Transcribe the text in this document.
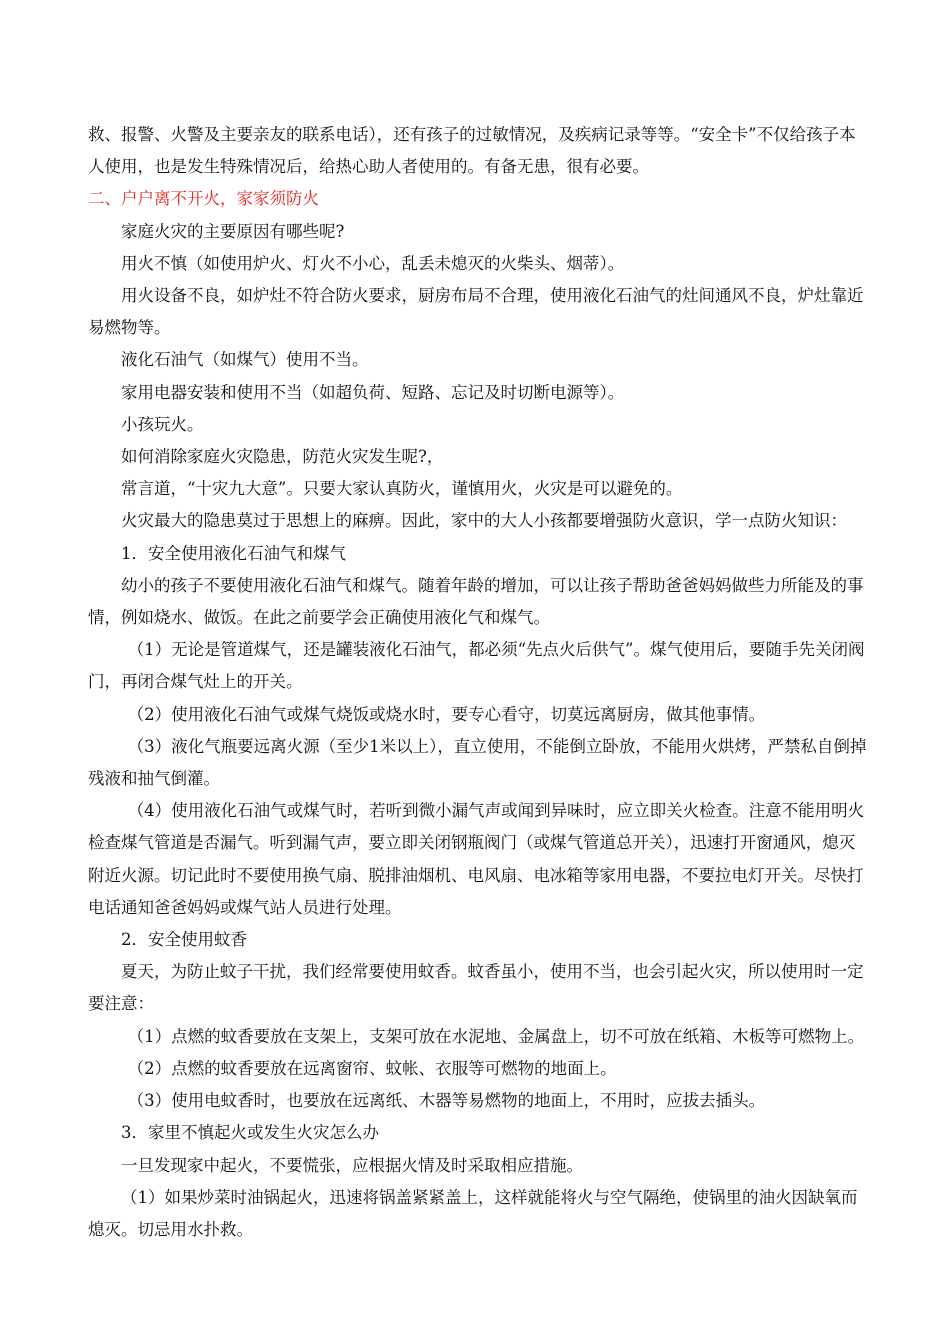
救、报警、火警及主要亲友的联系电话），还有孩子的过敏情况，及疾病记录等等。“安全卡”不仅给孩子本人使用，也是发生特殊情况后，给热心助人者使用的。有备无患，很有必要。

二、户户离不开火，家家须防火

家庭火灾的主要原因有哪些呢?

用火不慎（如使用炉火、灯火不小心，乱丢未熄灭的火柴头、烟蒂）。

用火设备不良，如炉灶不符合防火要求，厨房布局不合理，使用液化石油气的灶间通风不良，炉灶靠近易燃物等。

液化石油气（如煤气）使用不当。

家用电器安装和使用不当（如超负荷、短路、忘记及时切断电源等）。

小孩玩火。

如何消除家庭火灾隐患，防范火灾发生呢?，

常言道，“十灾九大意”。只要大家认真防火，谨慎用火，火灾是可以避免的。

火灾最大的隐患莫过于思想上的麻痹。因此，家中的大人小孩都要增强防火意识，学一点防火知识：

1．安全使用液化石油气和煤气

幼小的孩子不要使用液化石油气和煤气。随着年龄的增加，可以让孩子帮助爸爸妈妈做些力所能及的事情，例如烧水、做饭。在此之前要学会正确使用液化气和煤气。

（1）无论是管道煤气，还是罐装液化石油气，都必须“先点火后供气”。煤气使用后，要随手先关闭阀门，再闭合煤气灶上的开关。

（2）使用液化石油气或煤气烧饭或烧水时，要专心看守，切莫远离厨房，做其他事情。

（3）液化气瓶要远离火源（至少1米以上），直立使用，不能倒立卧放，不能用火烘烤，严禁私自倒掉残液和抽气倒灌。

（4）使用液化石油气或煤气时，若听到微小漏气声或闻到异味时，应立即关火检查。注意不能用明火检查煤气管道是否漏气。听到漏气声，要立即关闭钢瓶阀门（或煤气管道总开关），迅速打开窗通风，熄灭附近火源。切记此时不要使用换气扇、脱排油烟机、电风扇、电冰箱等家用电器，不要拉电灯开关。尽快打电话通知爸爸妈妈或煤气站人员进行处理。

2．安全使用蚊香

夏天，为防止蚊子干扰，我们经常要使用蚊香。蚊香虽小，使用不当，也会引起火灾，所以使用时一定要注意：

（1）点燃的蚊香要放在支架上，支架可放在水泥地、金属盘上，切不可放在纸箱、木板等可燃物上。

（2）点燃的蚊香要放在远离窗帘、蚊帐、衣服等可燃物的地面上。

（3）使用电蚊香时，也要放在远离纸、木器等易燃物的地面上，不用时，应拔去插头。

3．家里不慎起火或发生火灾怎么办

一旦发现家中起火，不要慌张，应根据火情及时采取相应措施。

（1）如果炒菜时油锅起火，迅速将锅盖紧紧盖上，这样就能将火与空气隔绝，使锅里的油火因缺氧而熄灭。切忌用水扑救。
